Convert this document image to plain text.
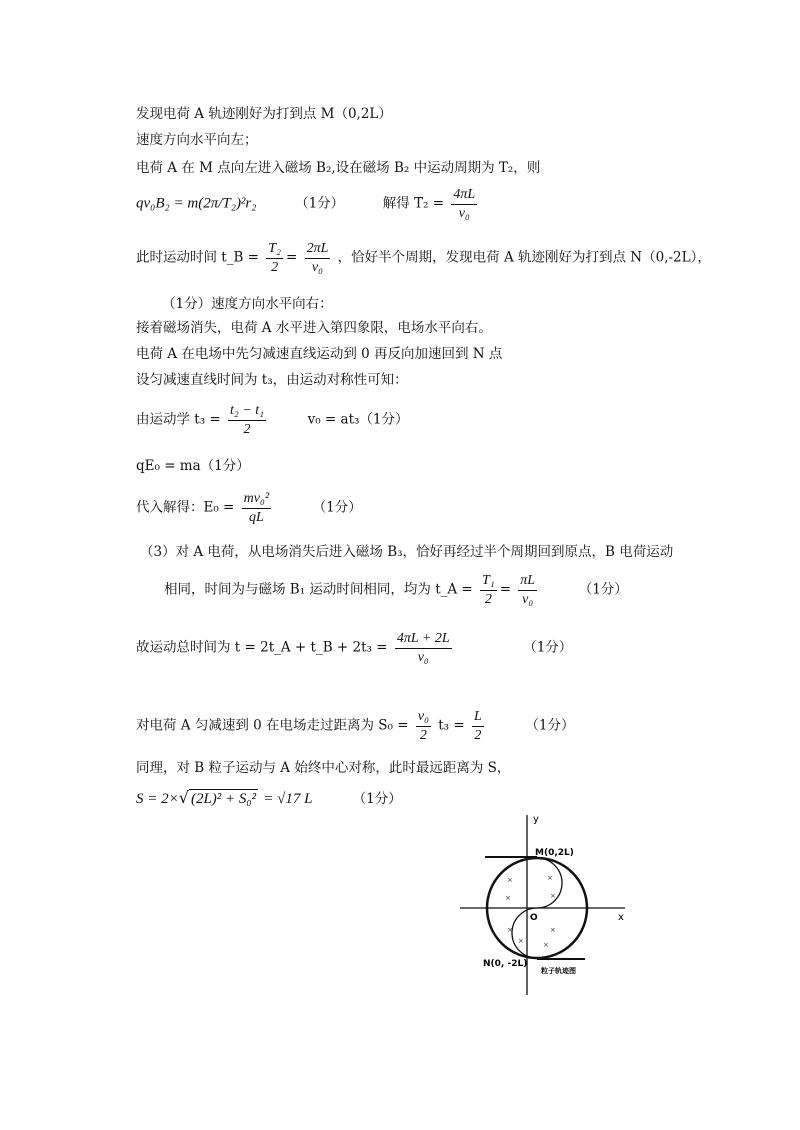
发现电荷 A 轨迹刚好为打到点 M（0,2L）
速度方向水平向左；
电荷 A 在 M 点向左进入磁场 B₂,设在磁场 B₂ 中运动周期为 T₂，则
qv₀B₂ = m(2π/T₂)²r₂	（1分）	解得 $T_2 = \frac{4\pi L}{\text{v₀}}$
此时运动时间 t_B = $\frac{\text{T₂}}{2} = \frac{2\pi L}{\text{v₀}}$ ，恰好半个周期，发现电荷 A 轨迹刚好为打到点 N（0,-2L），
（1分）速度方向水平向右：
接着磁场消失，电荷 A 水平进入第四象限，电场水平向右。
电荷 A 在电场中先匀减速直线运动到 0 再反向加速回到 N 点
设匀减速直线时间为 t₃，由运动对称性可知：
由运动学 $t_3 = \frac{\text{t₂ − t₁}}{2}$	v₀ = at₃（1分）
qE₀ = ma（1分）
代入解得：$E_0 = \frac{\text{mv₀²}}{qL}$	（1分）
（3）对 A 电荷，从电场消失后进入磁场 B₃，恰好再经过半个周期回到原点，B 电荷运动
相同，时间为与磁场 B₁ 运动时间相同，均为 t_A = $\frac{\text{T₁}}{2} = \frac{\pi L}{\text{v₀}}$	（1分）
故运动总时间为 t = 2t_A + t_B + $2t_3 = \frac{4\pi L + 2L}{\text{v₀}}$	（1分）
对电荷 A 匀减速到 0 在电场走过距离为 $S_0 = \frac{\text{v₀}}{2} t_3 = \frac{L}{2}$	（1分）
同理，对 B 粒子运动与 A 始终中心对称，此时最远距离为 S，
S = 2×√ (2L)² + S₀² = √17 L	（1分）
y
x
O
M(0,2L)
N(0, -2L)
粒子轨迹图
×	×
×	×
×	×
×	×
